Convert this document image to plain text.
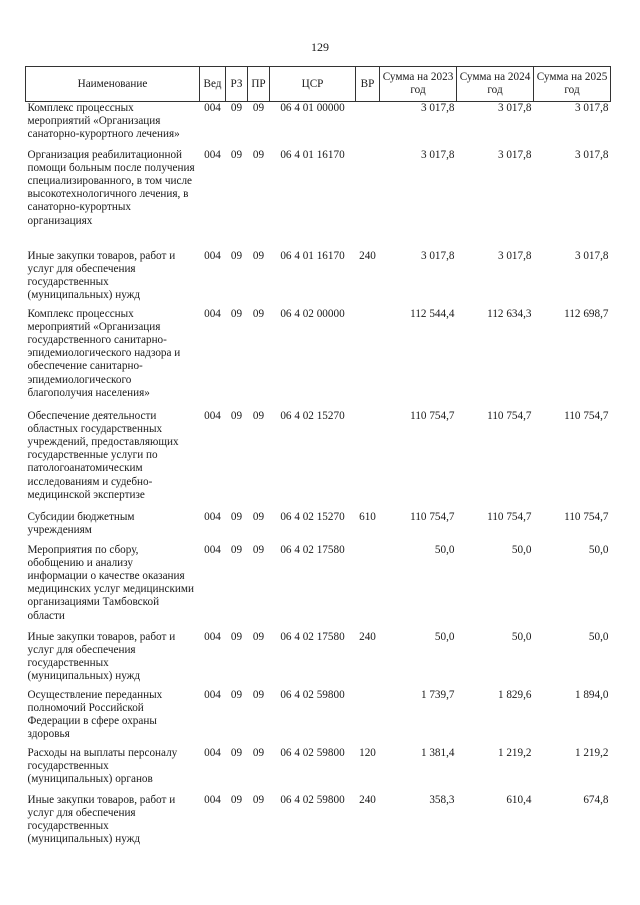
129
Наименование	Вед	РЗ	ПР	ЦСР	ВР	Сумма на 2023 год	Сумма на 2024 год	Сумма на 2025 год
Комплекс процессных мероприятий «Организация санаторно-курортного лечения»	004	09	09	06 4 01 00000		3 017,8	3 017,8	3 017,8
Организация реабилитационной помощи больным после получения специализированного, в том числе высокотехнологичного лечения, в санаторно-курортных организациях	004	09	09	06 4 01 16170		3 017,8	3 017,8	3 017,8
Иные закупки товаров, работ и услуг для обеспечения государственных (муниципальных) нужд	004	09	09	06 4 01 16170	240	3 017,8	3 017,8	3 017,8
Комплекс процессных мероприятий «Организация государственного санитарно-эпидемиологического надзора и обеспечение санитарно-эпидемиологического благополучия населения»	004	09	09	06 4 02 00000		112 544,4	112 634,3	112 698,7
Обеспечение деятельности областных государственных учреждений, предоставляющих государственные услуги по патологоанатомическим исследованиям и судебно-медицинской экспертизе	004	09	09	06 4 02 15270		110 754,7	110 754,7	110 754,7
Субсидии бюджетным учреждениям	004	09	09	06 4 02 15270	610	110 754,7	110 754,7	110 754,7
Мероприятия по сбору, обобщению и анализу информации о качестве оказания медицинских услуг медицинскими организациями Тамбовской области	004	09	09	06 4 02 17580		50,0	50,0	50,0
Иные закупки товаров, работ и услуг для обеспечения государственных (муниципальных) нужд	004	09	09	06 4 02 17580	240	50,0	50,0	50,0
Осуществление переданных полномочий Российской Федерации в сфере охраны здоровья	004	09	09	06 4 02 59800		1 739,7	1 829,6	1 894,0
Расходы на выплаты персоналу государственных (муниципальных) органов	004	09	09	06 4 02 59800	120	1 381,4	1 219,2	1 219,2
Иные закупки товаров, работ и услуг для обеспечения государственных (муниципальных) нужд	004	09	09	06 4 02 59800	240	358,3	610,4	674,8
